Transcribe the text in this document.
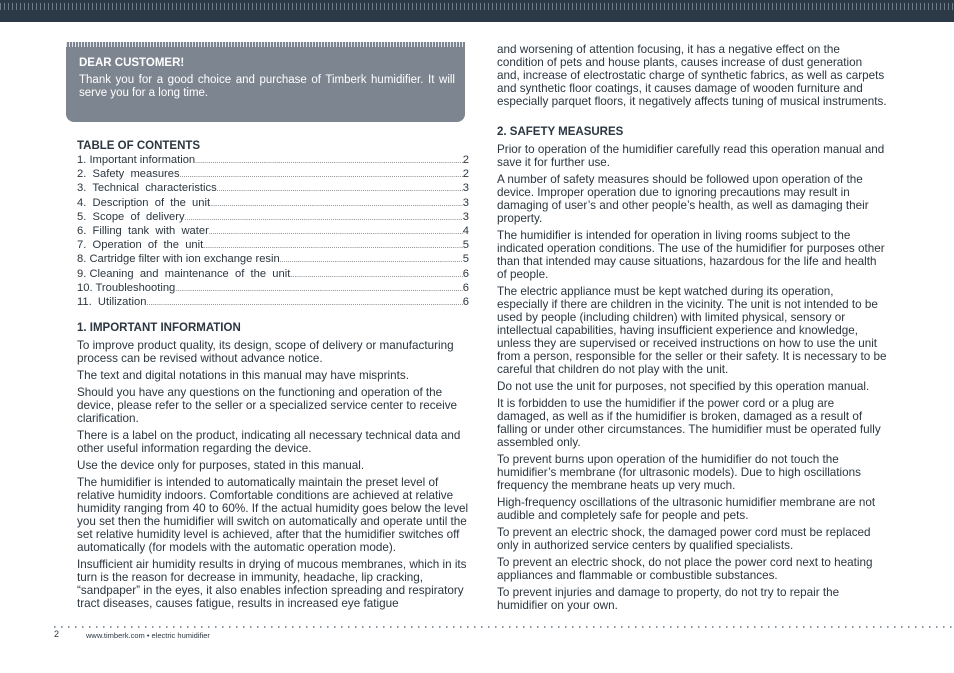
DEAR CUSTOMER!

Thank you for a good choice and purchase of Timberk humidifier. It will serve you for a long time.

TABLE OF CONTENTS
1. Important information .....	2
2.  Safety  measures .....	2
3.  Technical  characteristics .....	3
4.  Description  of  the  unit .....	3
5.  Scope  of  delivery .....	3
6.  Filling  tank  with  water .....	4
7.  Operation  of  the  unit .....	5
8. Cartridge filter with ion exchange resin .....	5
9. Cleaning  and  maintenance  of  the  unit .....	6
10. Troubleshooting .....	6
11.  Utilization .....	6
1. IMPORTANT INFORMATION

To improve product quality, its design, scope of delivery or manufacturing process can be revised without advance notice.

The text and digital notations in this manual may have misprints.

Should you have any questions on the functioning and operation of the device, please refer to the seller or a specialized service center to receive clarification.

There is a label on the product, indicating all necessary technical data and other useful information regarding the device.

Use the device only for purposes, stated in this manual.

The humidifier is intended to automatically maintain the preset level of relative humidity indoors. Comfortable conditions are achieved at relative humidity ranging from 40 to 60%. If the actual humidity goes below the level you set then the humidifier will switch on automatically and operate until the set relative humidity level is achieved, after that the humidifier switches off automatically (for models with the automatic operation mode).

Insufficient air humidity results in drying of mucous membranes, which in its turn is the reason for decrease in immunity, headache, lip cracking, “sandpaper” in the eyes, it also enables infection spreading and respiratory tract diseases, causes fatigue, results in increased eye fatigue

and worsening of attention focusing, it has a negative effect on the condition of pets and house plants, causes increase of dust generation and, increase of electrostatic charge of synthetic fabrics, as well as carpets and synthetic floor coatings, it causes damage of wooden furniture and especially parquet floors, it negatively affects tuning of musical instruments.

2. SAFETY MEASURES

Prior to operation of the humidifier carefully read this operation manual and save it for further use.

A number of safety measures should be followed upon operation of the device. Improper operation due to ignoring precautions may result in damaging of user’s and other people’s health, as well as damaging their property.

The humidifier is intended for operation in living rooms subject to the indicated operation conditions. The use of the humidifier for purposes other than that intended may cause situations, hazardous for the life and health of people.

The electric appliance must be kept watched during its operation, especially if there are children in the vicinity. The unit is not intended to be used by people (including children) with limited physical, sensory or intellectual capabilities, having insufficient experience and knowledge, unless they are supervised or received instructions on how to use the unit from a person, responsible for the seller or their safety. It is necessary to be careful that children do not play with the unit.

Do not use the unit for purposes, not specified by this operation manual.

It is forbidden to use the humidifier if the power cord or a plug are damaged, as well as if the humidifier is broken, damaged as a result of falling or under other circumstances. The humidifier must be operated fully assembled only.

To prevent burns upon operation of the humidifier do not touch the humidifier’s membrane (for ultrasonic models). Due to high oscillations frequency the membrane heats up very much.

High-frequency oscillations of the ultrasonic humidifier membrane are not audible and completely safe for people and pets.

To prevent an electric shock, the damaged power cord must be replaced only in authorized service centers by qualified specialists.

To prevent an electric shock, do not place the power cord next to heating appliances and flammable or combustible substances.

To prevent injuries and damage to property, do not try to repair the humidifier on your own.

2	www.timberk.com • electric humidifier
